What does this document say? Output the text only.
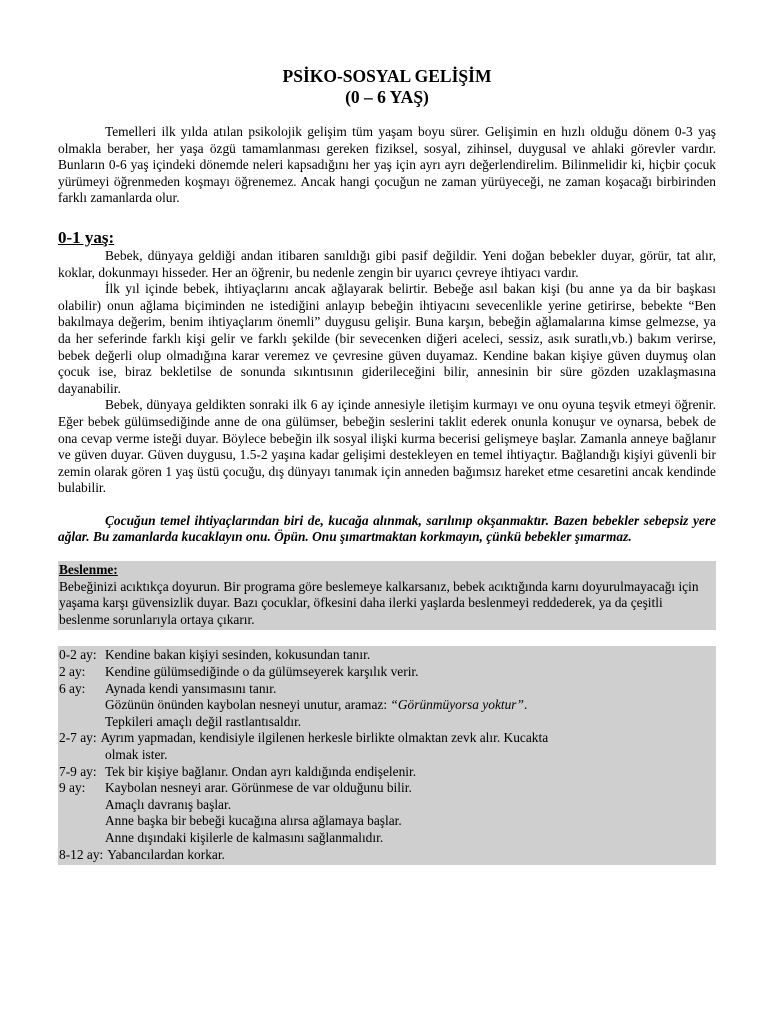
PSİKO-SOSYAL GELİŞİM
(0 – 6 YAŞ)

Temelleri ilk yılda atılan psikolojik gelişim tüm yaşam boyu sürer. Gelişimin en hızlı olduğu dönem 0-3 yaş olmakla beraber, her yaşa özgü tamamlanması gereken fiziksel, sosyal, zihinsel, duygusal ve ahlaki görevler vardır. Bunların 0-6 yaş içindeki dönemde neleri kapsadığını her yaş için ayrı ayrı değerlendirelim. Bilinmelidir ki, hiçbir çocuk yürümeyi öğrenmeden koşmayı öğrenemez. Ancak hangi çocuğun ne zaman yürüyeceği, ne zaman koşacağı birbirinden farklı zamanlarda olur.

0-1 yaş:

Bebek, dünyaya geldiği andan itibaren sanıldığı gibi pasif değildir. Yeni doğan bebekler duyar, görür, tat alır, koklar, dokunmayı hisseder. Her an öğrenir, bu nedenle zengin bir uyarıcı çevreye ihtiyacı vardır.

İlk yıl içinde bebek, ihtiyaçlarını ancak ağlayarak belirtir. Bebeğe asıl bakan kişi (bu anne ya da bir başkası olabilir) onun ağlama biçiminden ne istediğini anlayıp bebeğin ihtiyacını sevecenlikle yerine getirirse, bebekte “Ben bakılmaya değerim, benim ihtiyaçlarım önemli” duygusu gelişir. Buna karşın, bebeğin ağlamalarına kimse gelmezse, ya da her seferinde farklı kişi gelir ve farklı şekilde (bir sevecenken diğeri aceleci, sessiz, asık suratlı,vb.) bakım verirse, bebek değerli olup olmadığına karar veremez ve çevresine güven duyamaz. Kendine bakan kişiye güven duymuş olan çocuk ise, biraz bekletilse de sonunda sıkıntısının giderileceğini bilir, annesinin bir süre gözden uzaklaşmasına dayanabilir.

Bebek, dünyaya geldikten sonraki ilk 6 ay içinde annesiyle iletişim kurmayı ve onu oyuna teşvik etmeyi öğrenir. Eğer bebek gülümsediğinde anne de ona gülümser, bebeğin seslerini taklit ederek onunla konuşur ve oynarsa, bebek de ona cevap verme isteği duyar. Böylece bebeğin ilk sosyal ilişki kurma becerisi gelişmeye başlar. Zamanla anneye bağlanır ve güven duyar. Güven duygusu, 1.5-2 yaşına kadar gelişimi destekleyen en temel ihtiyaçtır. Bağlandığı kişiyi güvenli bir zemin olarak gören 1 yaş üstü çocuğu, dış dünyayı tanımak için anneden bağımsız hareket etme cesaretini ancak kendinde bulabilir.

Çocuğun temel ihtiyaçlarından biri de, kucağa alınmak, sarılınıp okşanmaktır. Bazen bebekler sebepsiz yere ağlar. Bu zamanlarda kucaklayın onu. Öpün. Onu şımartmaktan korkmayın, çünkü bebekler şımarmaz.

Beslenme:
Bebeğinizi acıktıkça doyurun. Bir programa göre beslemeye kalkarsanız, bebek acıktığında karnı doyurulmayacağı için yaşama karşı güvensizlik duyar. Bazı çocuklar, öfkesini daha ilerki yaşlarda beslenmeyi reddederek, ya da çeşitli beslenme sorunlarıyla ortaya çıkarır.
0-2 ay: Kendine bakan kişiyi sesinden, kokusundan tanır.
2 ay:	Kendine gülümsediğinde o da gülümseyerek karşılık verir.
6 ay:	Aynada kendi yansımasını tanır.
Gözünün önünden kaybolan nesneyi unutur, aramaz: “Görünmüyorsa yoktur”.
Tepkileri amaçlı değil rastlantısaldır.
2-7 ay: Ayrım yapmadan, kendisiyle ilgilenen herkesle birlikte olmaktan zevk alır. Kucakta
olmak ister.
7-9 ay: Tek bir kişiye bağlanır. Ondan ayrı kaldığında endişelenir.
9 ay:	Kaybolan nesneyi arar. Görünmese de var olduğunu bilir.
Amaçlı davranış başlar.
Anne başka bir bebeği kucağına alırsa ağlamaya başlar.
Anne dışındaki kişilerle de kalmasını sağlanmalıdır.
8-12 ay: Yabancılardan korkar.
